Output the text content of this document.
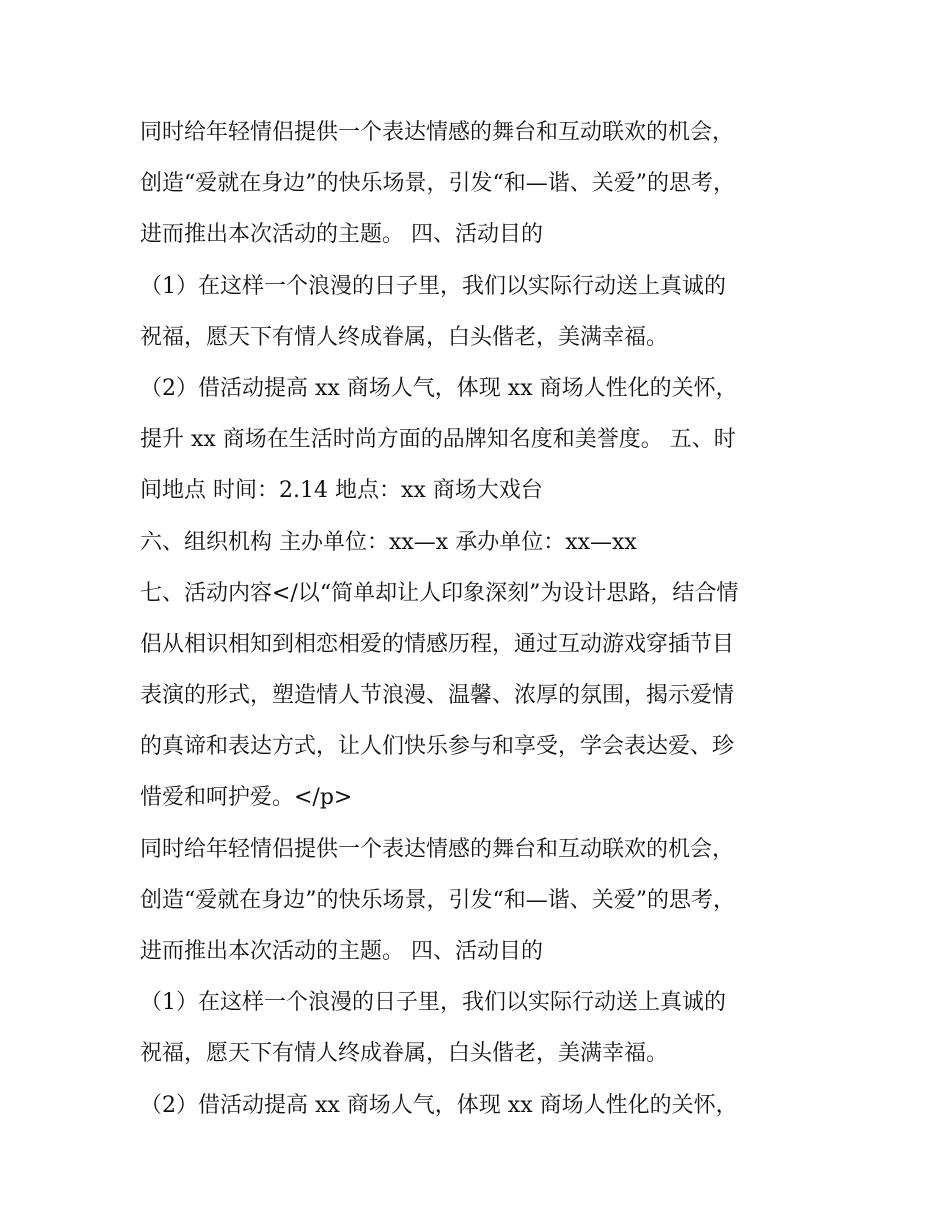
同时给年轻情侣提供一个表达情感的舞台和互动联欢的机会，
创造“爱就在身边”的快乐场景，引发“和—谐、关爱”的思考，
进而推出本次活动的主题。 四、活动目的
（1）在这样一个浪漫的日子里，我们以实际行动送上真诚的
祝福，愿天下有情人终成眷属，白头偕老，美满幸福。
（2）借活动提高 xx 商场人气，体现 xx 商场人性化的关怀，
提升 xx 商场在生活时尚方面的品牌知名度和美誉度。 五、时
间地点 时间：2.14 地点：xx 商场大戏台
六、组织机构 主办单位：xx—x 承办单位：xx—xx
七、活动内容</以“简单却让人印象深刻”为设计思路，结合情
侣从相识相知到相恋相爱的情感历程，通过互动游戏穿插节目
表演的形式，塑造情人节浪漫、温馨、浓厚的氛围，揭示爱情
的真谛和表达方式，让人们快乐参与和享受，学会表达爱、珍
惜爱和呵护爱。</p>
同时给年轻情侣提供一个表达情感的舞台和互动联欢的机会，
创造“爱就在身边”的快乐场景，引发“和—谐、关爱”的思考，
进而推出本次活动的主题。 四、活动目的
（1）在这样一个浪漫的日子里，我们以实际行动送上真诚的
祝福，愿天下有情人终成眷属，白头偕老，美满幸福。
（2）借活动提高 xx 商场人气，体现 xx 商场人性化的关怀，
